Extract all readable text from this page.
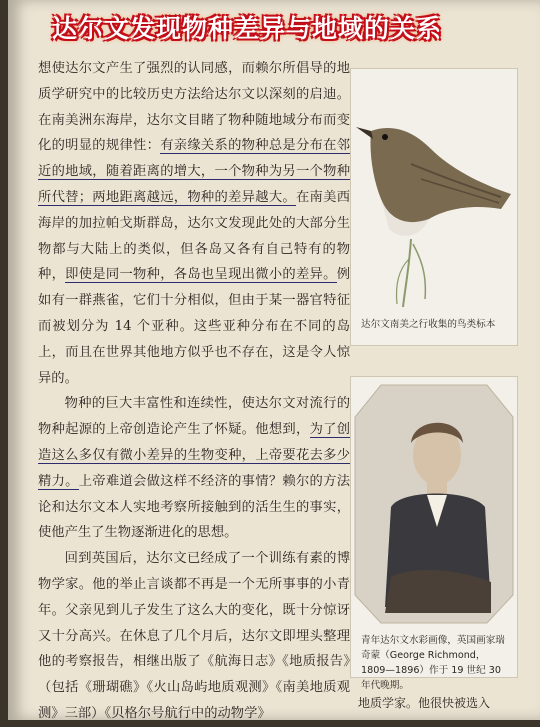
达尔文发现物种差异与地域的关系

想使达尔文产生了强烈的认同感，而赖尔所倡导的地质学研究中的比较历史方法给达尔文以深刻的启迪。在南美洲东海岸，达尔文目睹了物种随地域分布而变化的明显的规律性：有亲缘关系的物种总是分布在邻近的地域，随着距离的增大，一个物种为另一个物种所代替；两地距离越远，物种的差异越大。在南美西海岸的加拉帕戈斯群岛，达尔文发现此处的大部分生物都与大陆上的类似，但各岛又各有自己特有的物种，即使是同一物种，各岛也呈现出微小的差异。例如有一群燕雀，它们十分相似，但由于某一器官特征而被划分为 14 个亚种。这些亚种分布在不同的岛上，而且在世界其他地方似乎也不存在，这是令人惊异的。

物种的巨大丰富性和连续性，使达尔文对流行的物种起源的上帝创造论产生了怀疑。他想到，为了创造这么多仅有微小差异的生物变种，上帝要花去多少精力。上帝难道会做这样不经济的事情？赖尔的方法论和达尔文本人实地考察所接触到的活生生的事实，使他产生了生物逐渐进化的思想。

回到英国后，达尔文已经成了一个训练有素的博物学家。他的举止言谈都不再是一个无所事事的小青年。父亲见到儿子发生了这么大的变化，既十分惊讶又十分高兴。在休息了几个月后，达尔文即埋头整理他的考察报告，相继出版了《航海日志》《地质报告》（包括《珊瑚礁》《火山岛屿地质观测》《南美地质观测》三部）《贝格尔号航行中的动物学》

达尔文南美之行收集的鸟类标本
青年达尔文水彩画像，英国画家瑞奇蒙（George Richmond，1809—1896）作于 19 世纪 30 年代晚期。
地质学家。他很快被选入
